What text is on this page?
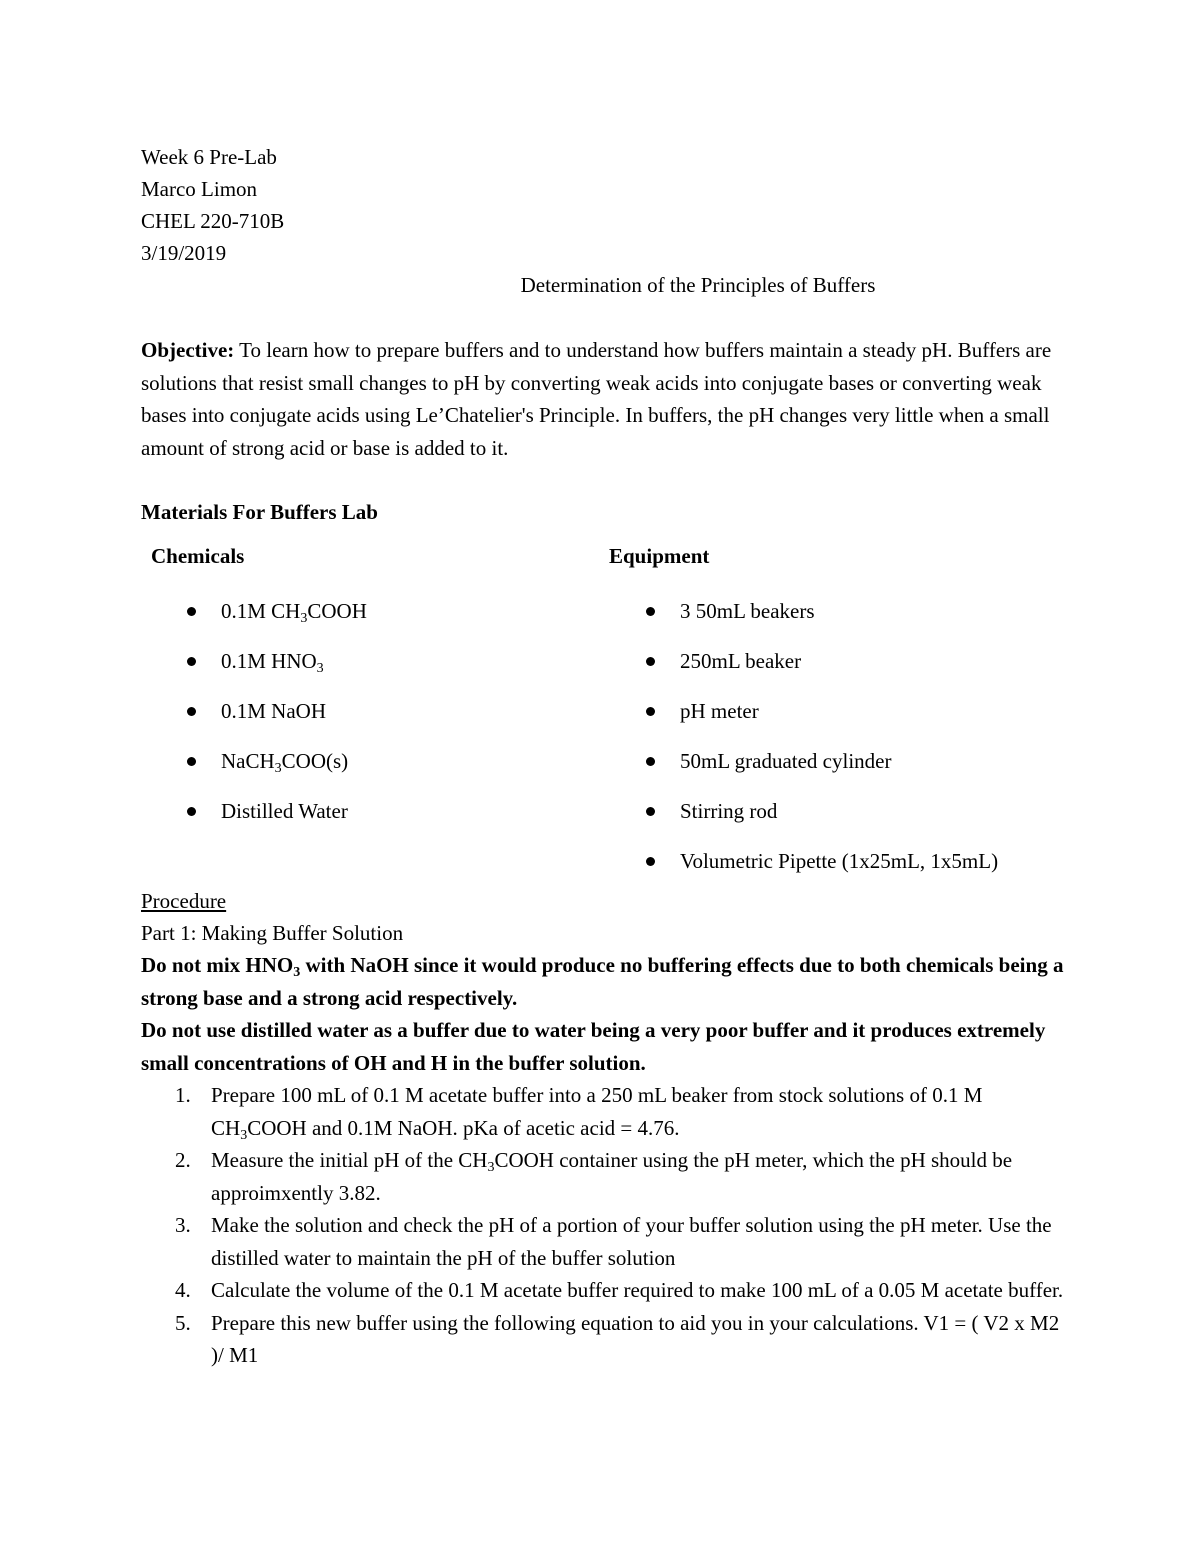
Week 6 Pre-Lab
Marco Limon
CHEL 220-710B
3/19/2019
Determination of the Principles of Buffers
Objective: To learn how to prepare buffers and to understand how buffers maintain a steady pH. Buffers are solutions that resist small changes to pH by converting weak acids into conjugate bases or converting weak bases into conjugate acids using Le’Chatelier's Principle. In buffers, the pH changes very little when a small amount of strong acid or base is added to it.
Materials For Buffers Lab
Chemicals	Equipment
0.1M $CH_3COOH$
0.1M $HNO_3$
0.1M NaOH
NaCH$_3$COO(s)
Distilled Water
3 50mL beakers
250mL beaker
pH meter
50mL graduated cylinder
Stirring rod
Volumetric Pipette (1x25mL, 1x5mL)
Procedure
Part 1: Making Buffer Solution
Do not mix $HNO_3$ with NaOH since it would produce no buffering effects due to both chemicals being a strong base and a strong acid respectively.
Do not use distilled water as a buffer due to water being a very poor buffer and it produces extremely small concentrations of OH and H in the buffer solution.
1. Prepare 100 mL of 0.1 M acetate buffer into a 250 mL beaker from stock solutions of 0.1 M $CH_3COOH$ and 0.1M NaOH. pKa of acetic acid = 4.76.
2. Measure the initial pH of the $CH_3COOH$ container using the pH meter, which the pH should be approimxently 3.82.
3. Make the solution and check the pH of a portion of your buffer solution using the pH meter. Use the distilled water to maintain the pH of the buffer solution
4. Calculate the volume of the 0.1 M acetate buffer required to make 100 mL of a 0.05 M acetate buffer.
5. Prepare this new buffer using the following equation to aid you in your calculations. V1 = ( V2 x M2 )/ M1
